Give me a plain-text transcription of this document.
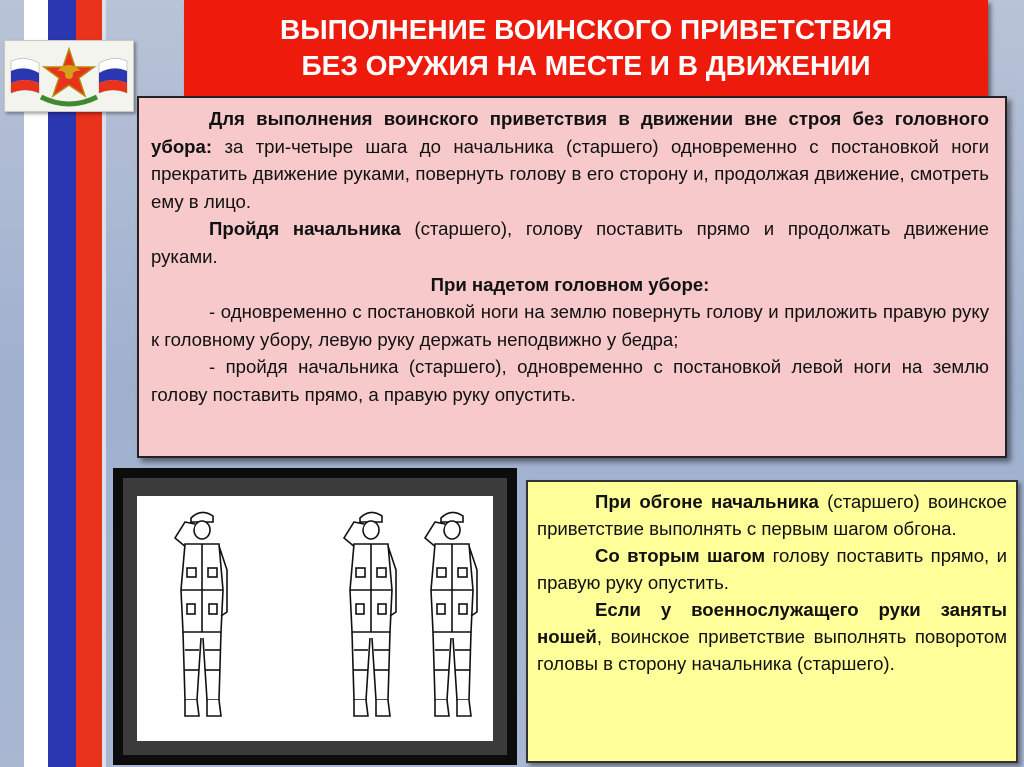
ВЫПОЛНЕНИЕ ВОИНСКОГО ПРИВЕТСТВИЯ
БЕЗ ОРУЖИЯ НА МЕСТЕ И В ДВИЖЕНИИ

Для выполнения воинского приветствия в движении вне строя без головного убора: за три-четыре шага до начальника (старшего) одновременно с постановкой ноги прекратить движение руками, повернуть голову в его сторону и, продолжая движение, смотреть ему в лицо.

Пройдя начальника (старшего), голову поставить прямо и продолжать движение руками.

При надетом головном уборе:

- одновременно с постановкой ноги на землю повернуть голову и приложить правую руку к головному убору, левую руку держать неподвижно у бедра;

- пройдя начальника (старшего), одновременно с постановкой левой ноги на землю голову поставить прямо, а правую руку опустить.

При обгоне начальника (старшего) воинское приветствие выполнять с первым шагом обгона.

Со вторым шагом голову поставить прямо, и правую руку опустить.

Если у военнослужащего руки заняты ношей, воинское приветствие выполнять поворотом головы в сторону начальника (старшего).
